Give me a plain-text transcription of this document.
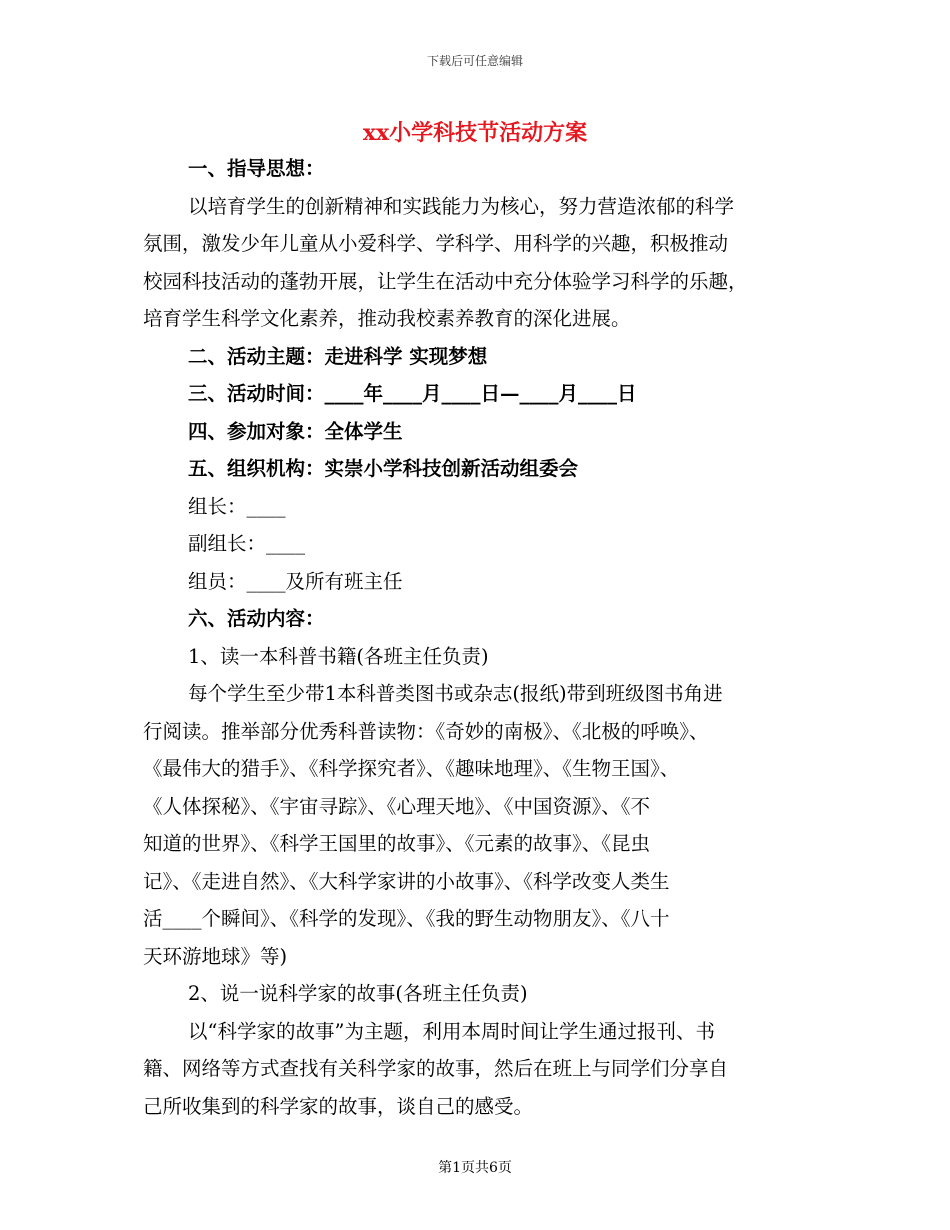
下载后可任意编辑
xx小学科技节活动方案
一、指导思想：
以培育学生的创新精神和实践能力为核心，努力营造浓郁的科学
氛围，激发少年儿童从小爱科学、学科学、用科学的兴趣，积极推动
校园科技活动的蓬勃开展，让学生在活动中充分体验学习科学的乐趣，
培育学生科学文化素养，推动我校素养教育的深化进展。
二、活动主题：走进科学 实现梦想
三、活动时间：____年____月____日—____月____日
四、参加对象：全体学生
五、组织机构：实崇小学科技创新活动组委会
组长：____
副组长：____
组员：____及所有班主任
六、活动内容：
1、读一本科普书籍(各班主任负责)
每个学生至少带1本科普类图书或杂志(报纸)带到班级图书角进
行阅读。推举部分优秀科普读物：《奇妙的南极》、《北极的呼唤》、
《最伟大的猎手》、《科学探究者》、《趣味地理》、《生物王国》、
《人体探秘》、《宇宙寻踪》、《心理天地》、《中国资源》、《不
知道的世界》、《科学王国里的故事》、《元素的故事》、《昆虫
记》、《走进自然》、《大科学家讲的小故事》、《科学改变人类生
活____个瞬间》、《科学的发现》、《我的野生动物朋友》、《八十
天环游地球》等)
2、说一说科学家的故事(各班主任负责)
以“科学家的故事”为主题，利用本周时间让学生通过报刊、书
籍、网络等方式查找有关科学家的故事，然后在班上与同学们分享自
己所收集到的科学家的故事，谈自己的感受。
第1页共6页
